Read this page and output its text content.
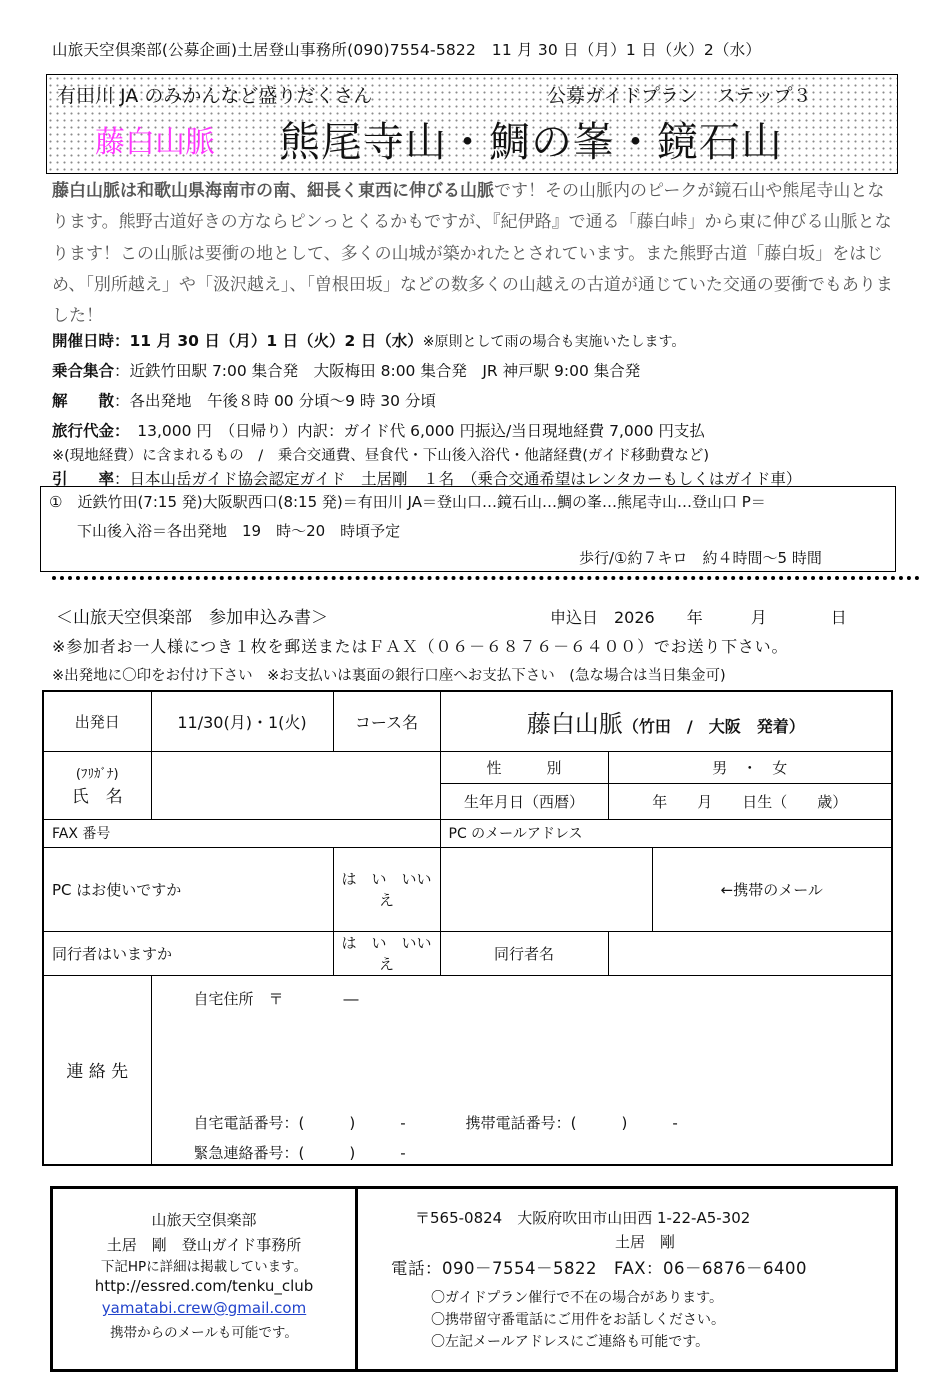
山旅天空倶楽部(公募企画)土居登山事務所(090)7554-5822　11 月 30 日（月）1 日（火）2（水）
有田川 JA のみかんなど盛りだくさん	公募ガイドプラン　ステップ３
藤白山脈 熊尾寺山・鯛の峯・鏡石山
藤白山脈は和歌山県海南市の南、細長く東西に伸びる山脈です！その山脈内のピークが鏡石山や熊尾寺山となります。熊野古道好きの方ならピンっとくるかもですが、『紀伊路』で通る「藤白峠」から東に伸びる山脈となります！この山脈は要衝の地として、多くの山城が築かれたとされています。また熊野古道「藤白坂」をはじめ、「別所越え」や「汲沢越え」、「曽根田坂」などの数多くの山越えの古道が通じていた交通の要衝でもありました！
開催日時：11 月 30 日（月）1 日（火）2 日（水）※原則として雨の場合も実施いたします。
乗合集合：近鉄竹田駅 7:00 集合発　大阪梅田 8:00 集合発　JR 神戸駅 9:00 集合発
解　　散：各出発地　午後８時 00 分頃～9 時 30 分頃
旅行代金：　13,000 円　（日帰り）内訳：ガイド代 6,000 円振込/当日現地経費 7,000 円支払
※(現地経費）に含まれるもの　/　乗合交通費、昼食代・下山後入浴代・他諸経費(ガイド移動費など)
引　　率：日本山岳ガイド協会認定ガイド　土居剛　１名　（乗合交通希望はレンタカーもしくはガイド車）
①　近鉄竹田(7:15 発)大阪駅西口(8:15 発)＝有田川 JA＝登山口…鏡石山…鯛の峯…熊尾寺山…登山口 P＝
下山後入浴＝各出発地　19　時～20　時頃予定
歩行/①約７キロ　約４時間～5 時間
＜山旅天空倶楽部　参加申込み書＞	申込日　2026　　年　　　月　　　　日
※参加者お一人様につき１枚を郵送またはＦＡＸ（０６－６８７６－６４００）でお送り下さい。
※出発地に〇印をお付け下さい　※お支払いは裏面の銀行口座へお支払下さい　(急な場合は当日集金可)
出発日	11/30(月)・1(火)	コース名	藤白山脈（竹田　/　大阪　発着）		

(ﾌﾘｶﾞﾅ)
氏　名			性　　　別	男　・　女	
			生年月日（西暦）	年　　月　　日生（　　歳）	
FAX 番号			PC のメールアドレス		
PC はお使いですか		は　い　いいえ			←携帯のメール
同行者はいますか		は　い　いいえ	同行者名		
連 絡 先	自宅住所　〒　　　　―
自宅電話番号：(　　　)　　　-　　　　携帯電話番号：(　　　)　　　-
緊急連絡番号：(　　　)　　　-				
山旅天空倶楽部
土居　剛　登山ガイド事務所
下記HPに詳細は掲載しています。
http://essred.com/tenku_club
yamatabi.crew@gmail.com
携帯からのメールも可能です。
〒565-0824　大阪府吹田市山田西 1-22-A5-302
土居　剛
電話：090－7554－5822　FAX：06－6876－6400
〇ガイドプラン催行で不在の場合があります。
〇携帯留守番電話にご用件をお話しください。
〇左記メールアドレスにご連絡も可能です。
